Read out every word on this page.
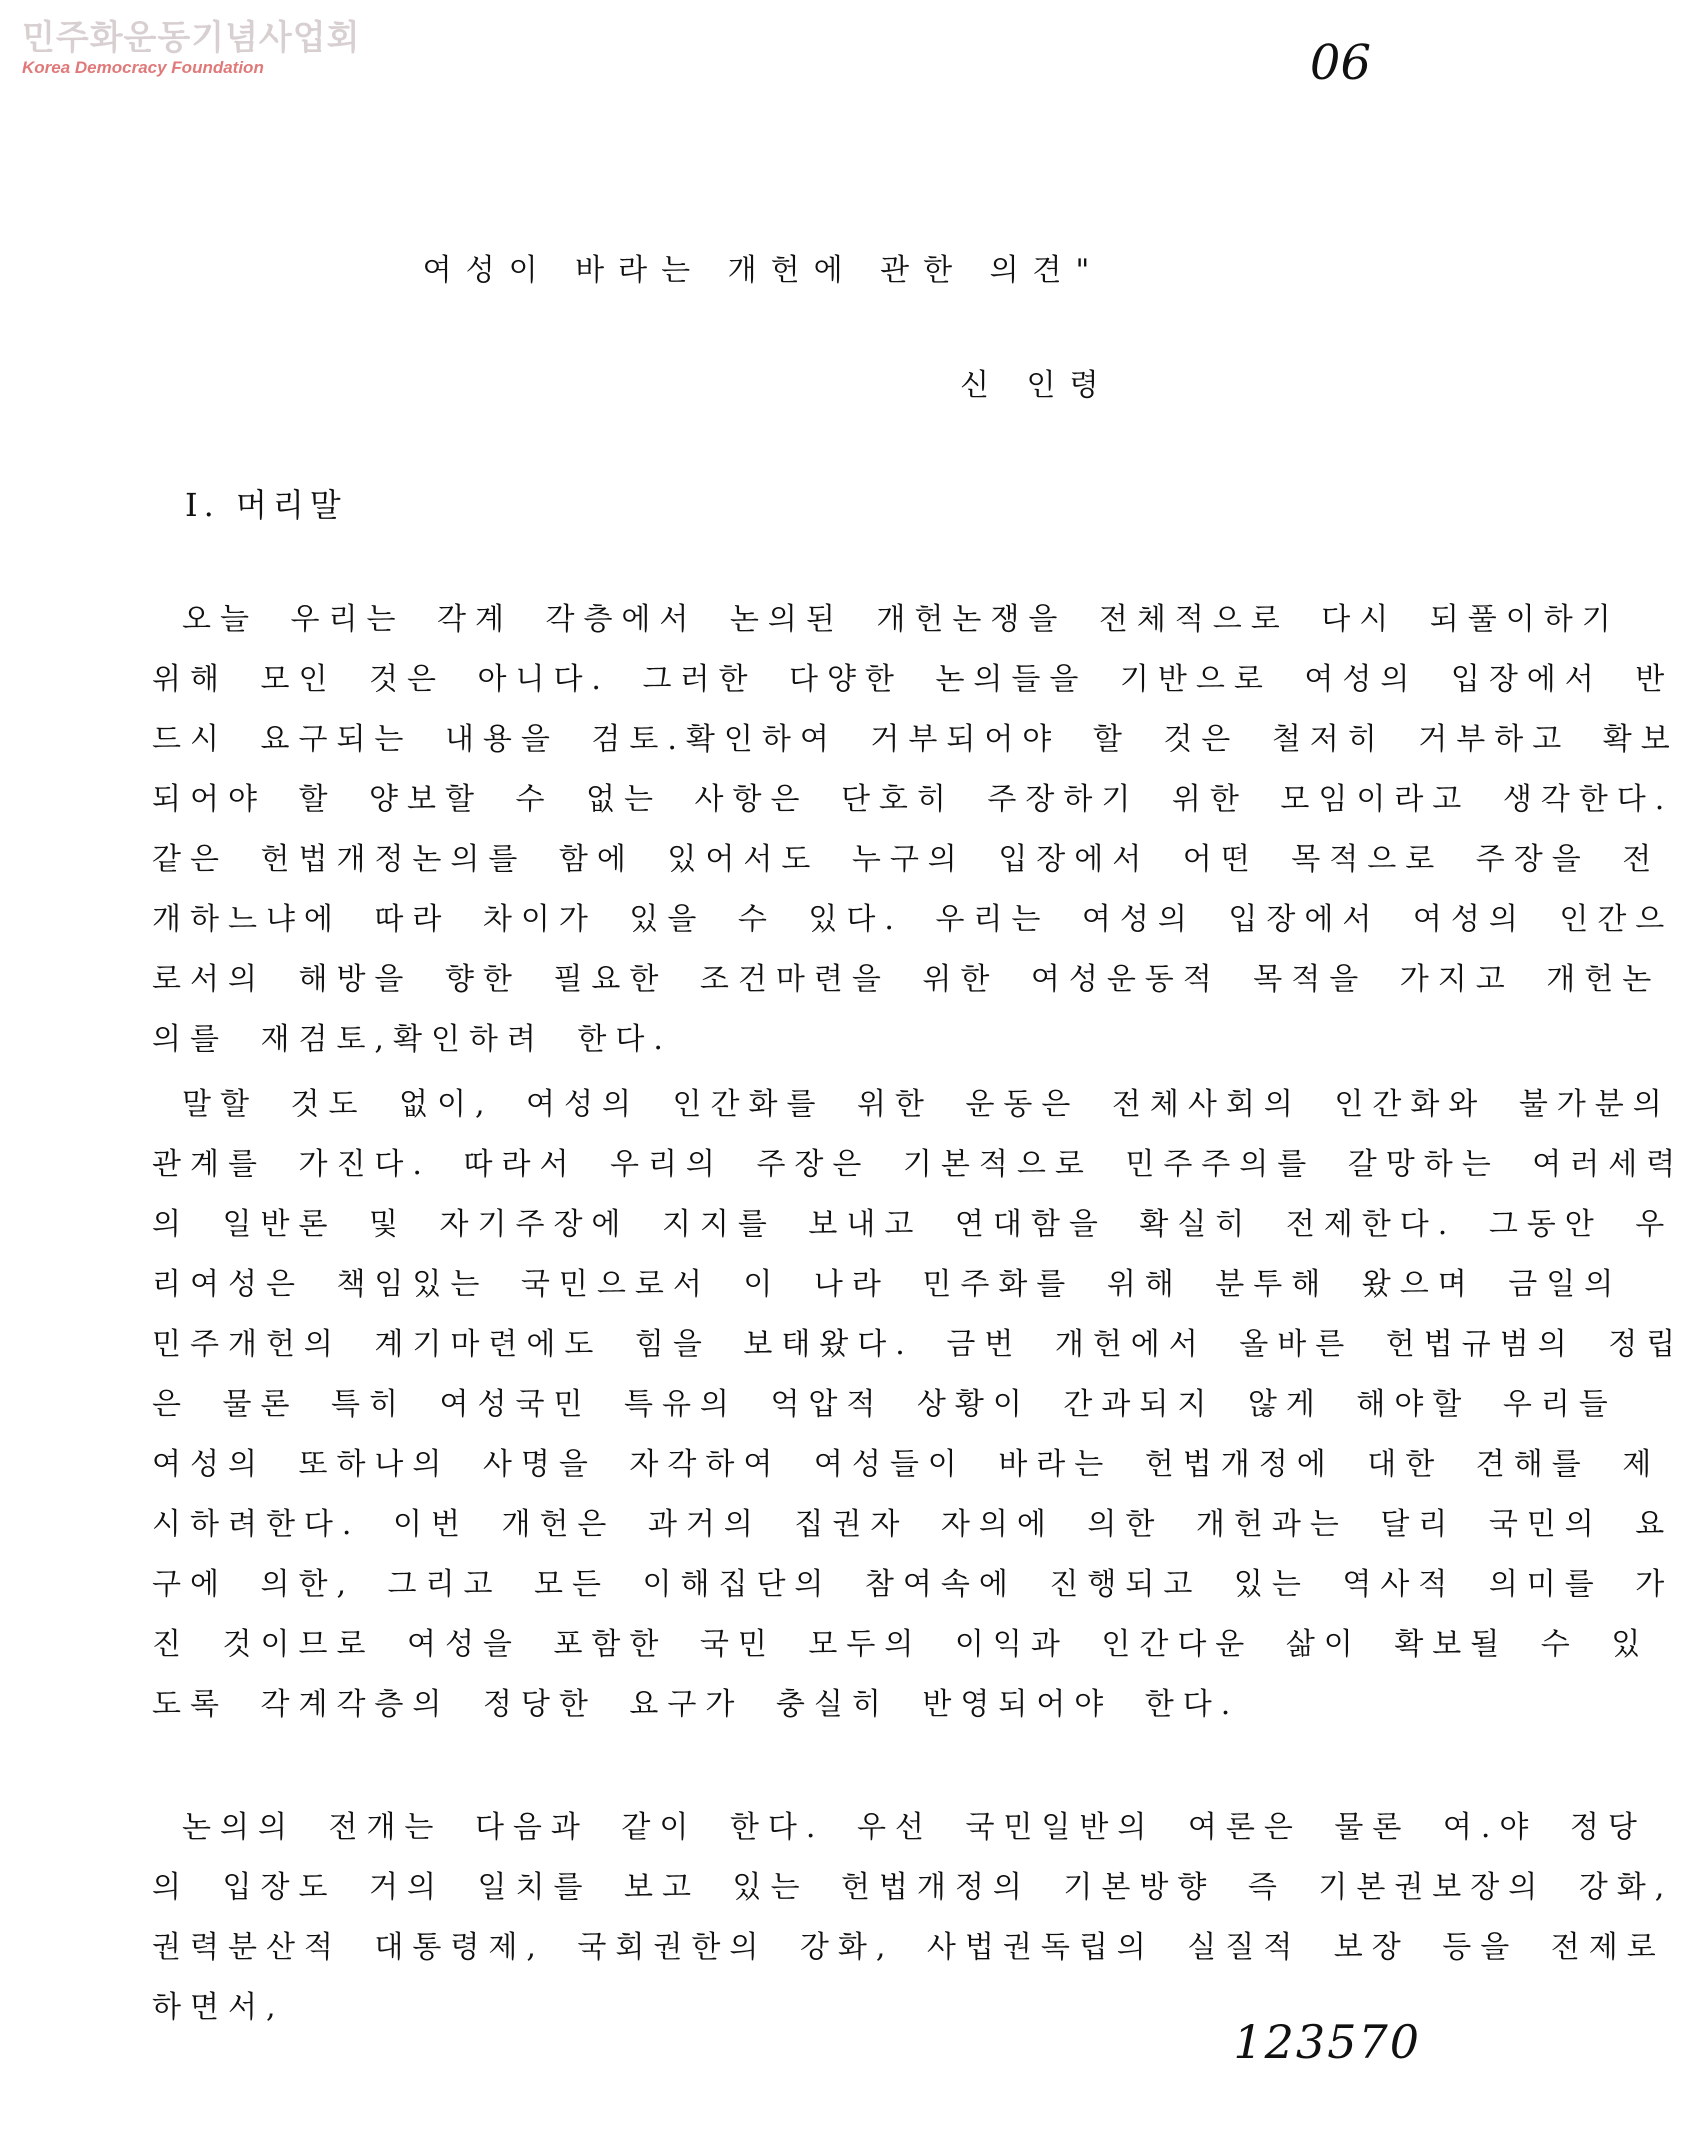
민주화운동기념사업회
Korea Democracy Foundation	06
여성이 바라는 개헌에 관한 의견"
신 인령
I. 머리말
오늘 우리는 각계 각층에서 논의된 개헌논쟁을 전체적으로 다시 되풀이하기
위해 모인 것은 아니다. 그러한 다양한 논의들을 기반으로 여성의 입장에서 반
드시 요구되는 내용을 검토.확인하여 거부되어야 할 것은 철저히 거부하고 확보
되어야 할 양보할 수 없는 사항은 단호히 주장하기 위한 모임이라고 생각한다.
같은 헌법개정논의를 함에 있어서도 누구의 입장에서 어떤 목적으로 주장을 전
개하느냐에 따라 차이가 있을 수 있다. 우리는 여성의 입장에서 여성의 인간으
로서의 해방을 향한 필요한 조건마련을 위한 여성운동적 목적을 가지고 개헌논
의를 재검토,확인하려 한다.
말할 것도 없이, 여성의 인간화를 위한 운동은 전체사회의 인간화와 불가분의
관계를 가진다. 따라서 우리의 주장은 기본적으로 민주주의를 갈망하는 여러세력
의 일반론 및 자기주장에 지지를 보내고 연대함을 확실히 전제한다. 그동안 우
리여성은 책임있는 국민으로서 이 나라 민주화를 위해 분투해 왔으며 금일의
민주개헌의 계기마련에도 힘을 보태왔다. 금번 개헌에서 올바른 헌법규범의 정립
은 물론 특히 여성국민 특유의 억압적 상황이 간과되지 않게 해야할 우리들
여성의 또하나의 사명을 자각하여 여성들이 바라는 헌법개정에 대한 견해를 제
시하려한다. 이번 개헌은 과거의 집권자 자의에 의한 개헌과는 달리 국민의 요
구에 의한, 그리고 모든 이해집단의 참여속에 진행되고 있는 역사적 의미를 가
진 것이므로 여성을 포함한 국민 모두의 이익과 인간다운 삶이 확보될 수 있
도록 각계각층의 정당한 요구가 충실히 반영되어야 한다.
논의의 전개는 다음과 같이 한다. 우선 국민일반의 여론은 물론 여.야 정당
의 입장도 거의 일치를 보고 있는 헌법개정의 기본방향 즉 기본권보장의 강화,
권력분산적 대통령제, 국회권한의 강화, 사법권독립의 실질적 보장 등을 전제로
하면서,
123570
